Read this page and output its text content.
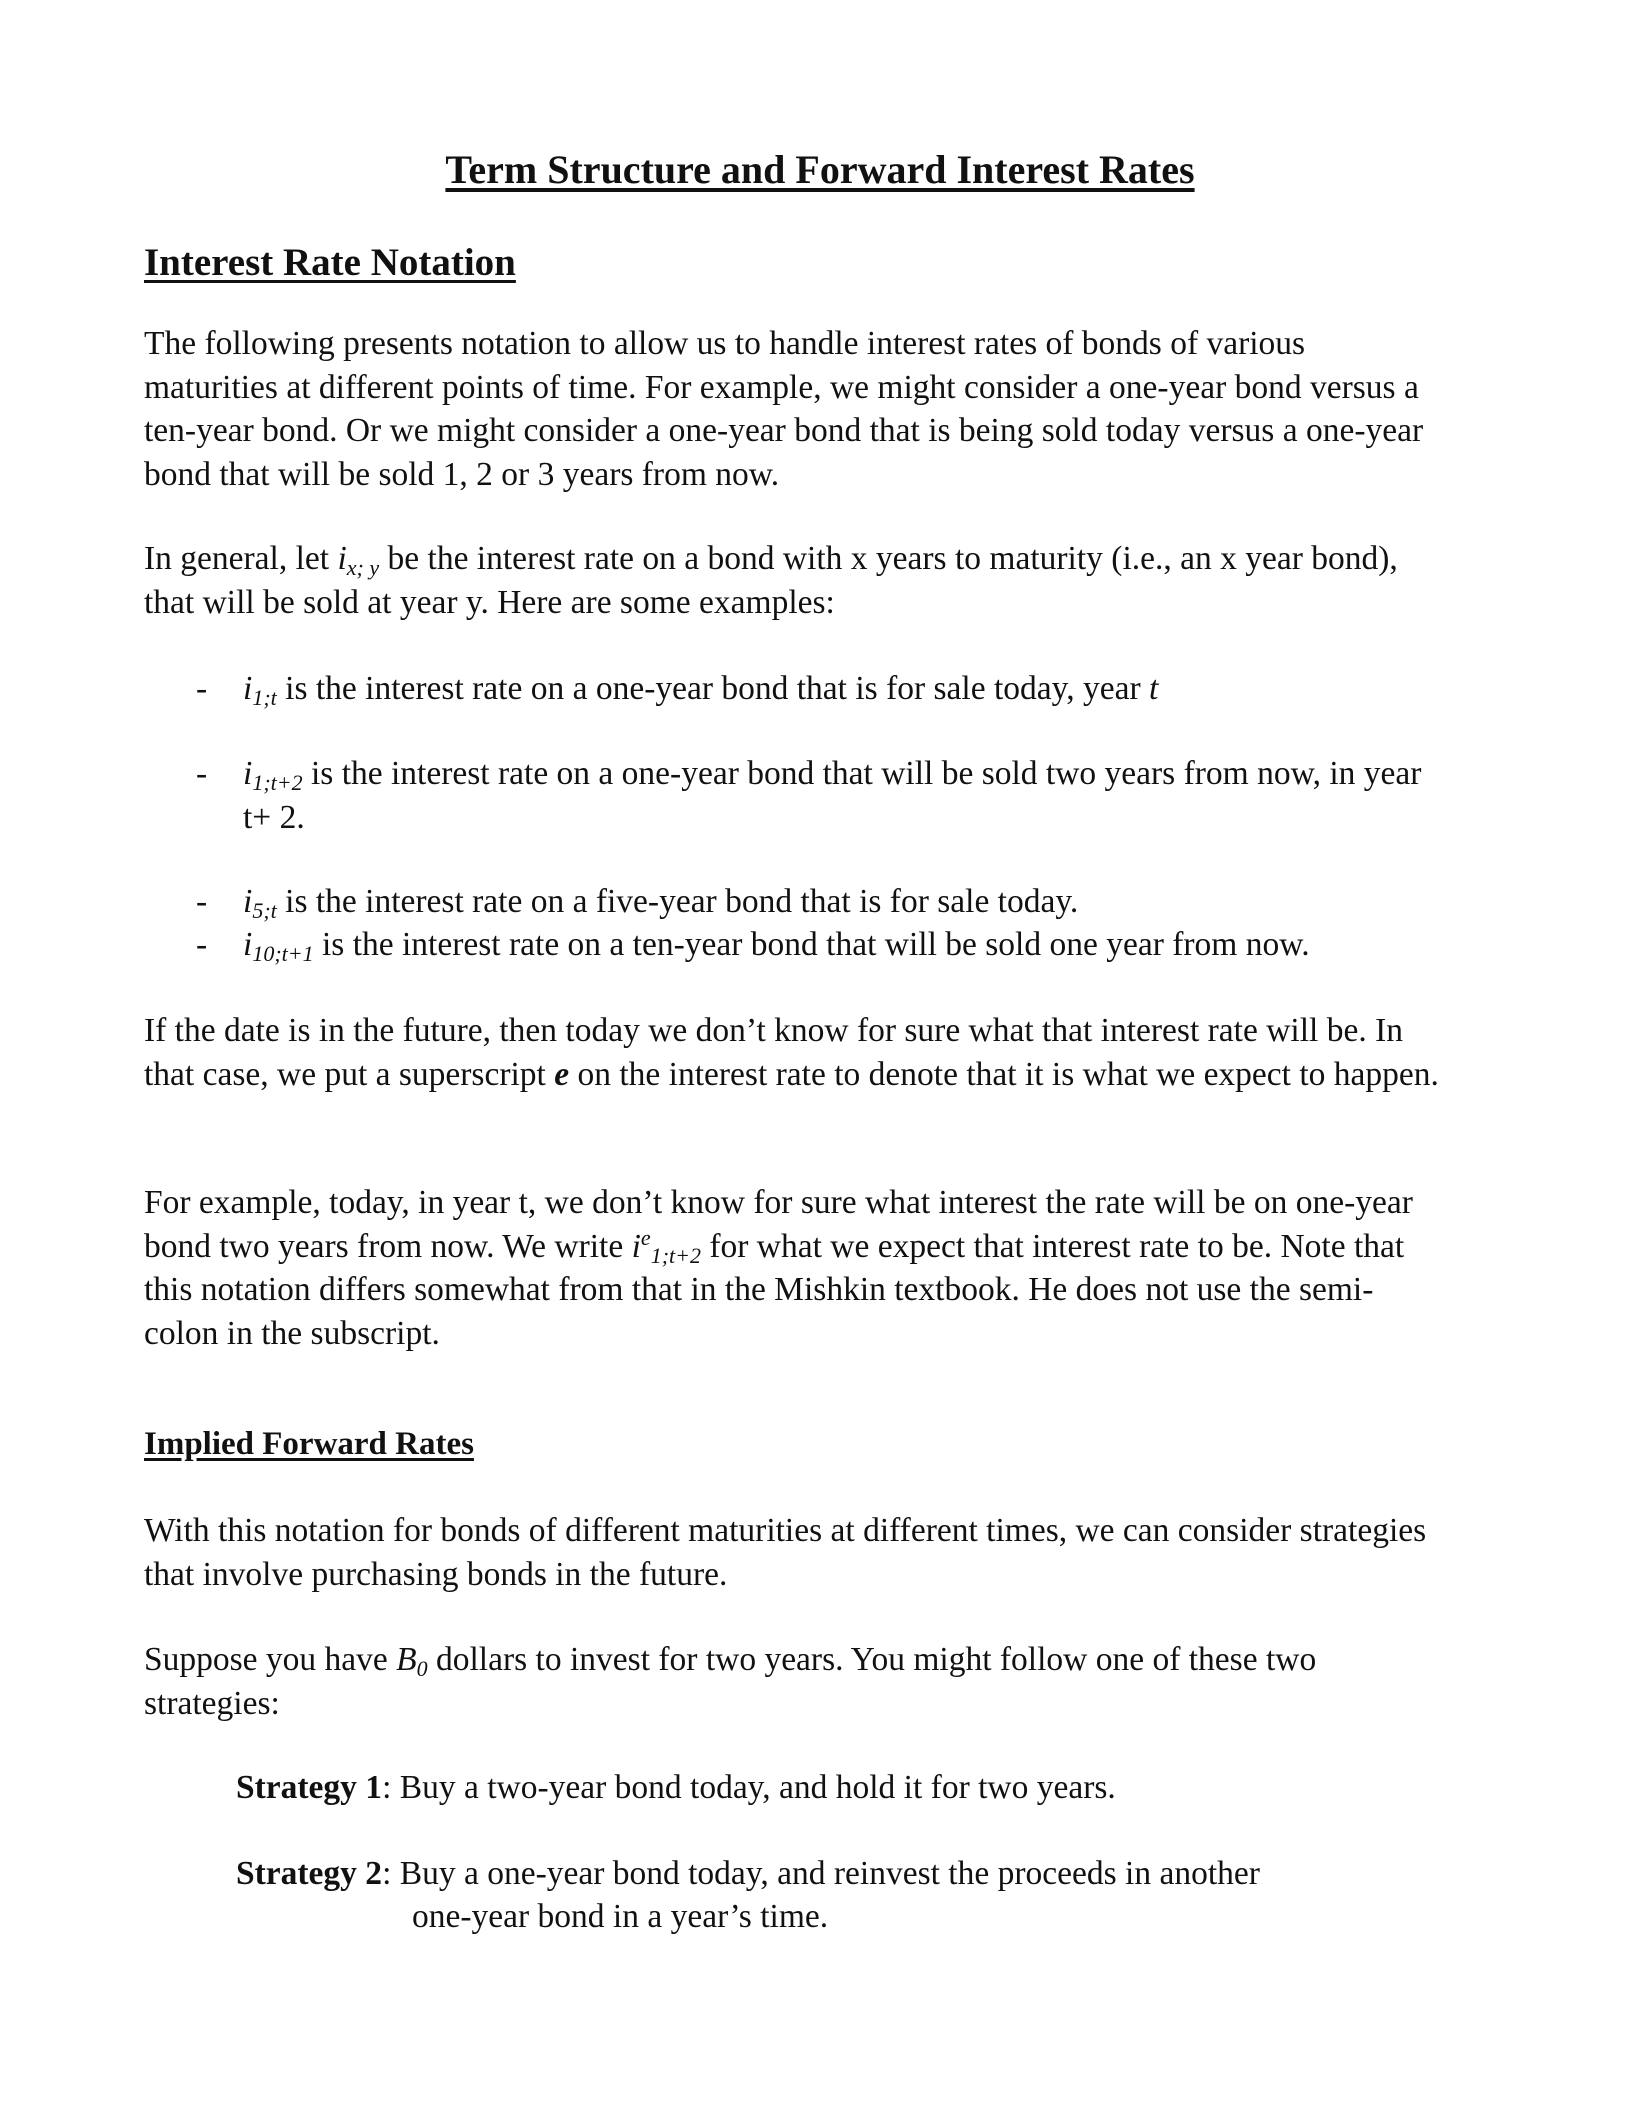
Term Structure and Forward Interest Rates
Interest Rate Notation

The following presents notation to allow us to handle interest rates of bonds of various maturities at different points of time. For example, we might consider a one-year bond versus a ten-year bond. Or we might consider a one-year bond that is being sold today versus a one-year bond that will be sold 1, 2 or 3 years from now.

In general, let $i_{x; y}$ be the interest rate on a bond with x years to maturity (i.e., an x year bond), that will be sold at year y. Here are some examples:

- $i_{1;t}$ is the interest rate on a one-year bond that is for sale today, year t

- $i_{1;t+2}$ is the interest rate on a one-year bond that will be sold two years from now, in year t+ 2.

- $i_{5;t}$ is the interest rate on a five-year bond that is for sale today.

- $i_{10;t+1}$ is the interest rate on a ten-year bond that will be sold one year from now.

If the date is in the future, then today we don’t know for sure what that interest rate will be. In that case, we put a superscript e on the interest rate to denote that it is what we expect to happen.

For example, today, in year t, we don’t know for sure what interest the rate will be on one-year bond two years from now. We write $i^e_{1;t+2}$ for what we expect that interest rate to be. Note that this notation differs somewhat from that in the Mishkin textbook. He does not use the semi-colon in the subscript.

Implied Forward Rates

With this notation for bonds of different maturities at different times, we can consider strategies that involve purchasing bonds in the future.

Suppose you have $B_0$ dollars to invest for two years. You might follow one of these two strategies:

Strategy 1: Buy a two-year bond today, and hold it for two years.

Strategy 2: Buy a one-year bond today, and reinvest the proceeds in another

one-year bond in a year’s time.
